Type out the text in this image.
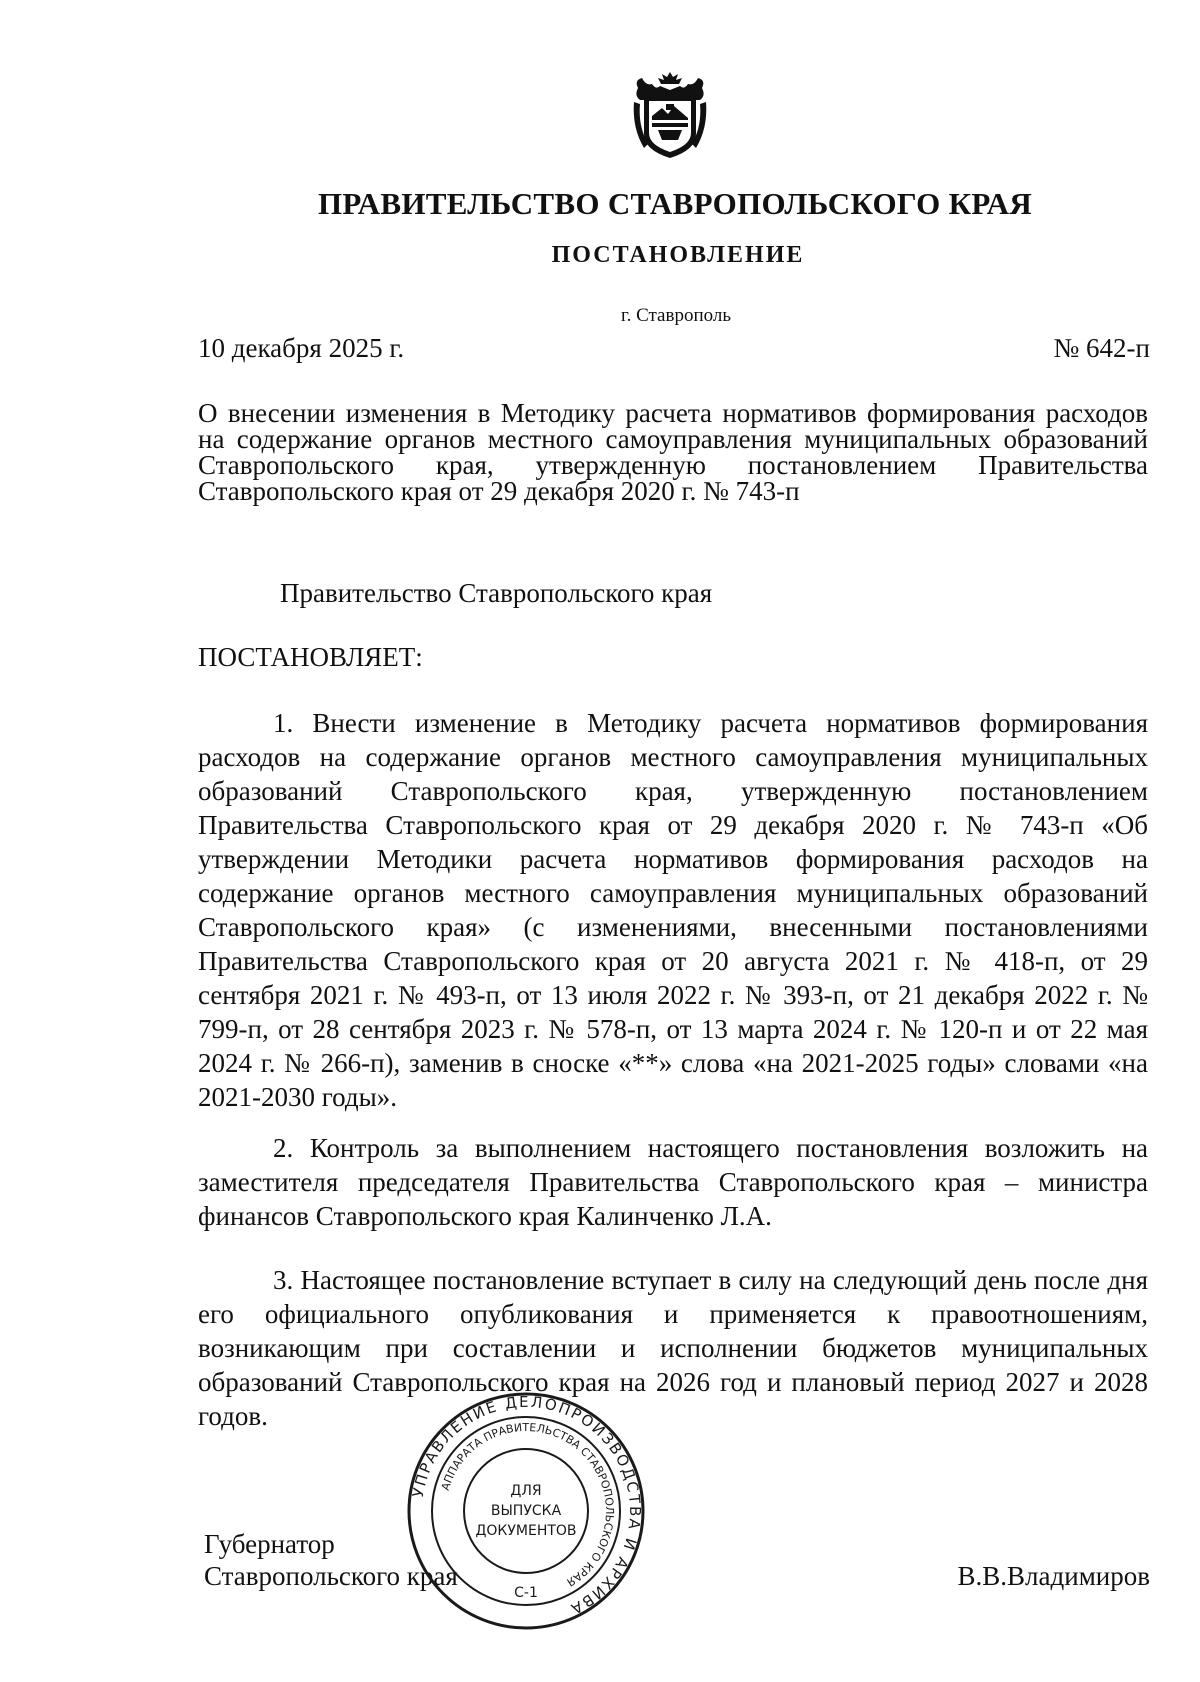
ПРАВИТЕЛЬСТВО СТАВРОПОЛЬСКОГО КРАЯ
ПОСТАНОВЛЕНИЕ
г. Ставрополь
10 декабря 2025 г.	№ 642-п

О внесении изменения в Методику расчета нормативов формирования расходов на содержание органов местного самоуправления муниципальных образований Ставропольского края, утвержденную постановлением Правительства Ставропольского края от 29 декабря 2020 г. № 743-п

Правительство Ставропольского края
ПОСТАНОВЛЯЕТ:

1. Внести изменение в Методику расчета нормативов формирования расходов на содержание органов местного самоуправления муниципальных образований Ставропольского края, утвержденную постановлением Правительства Ставропольского края от 29 декабря 2020 г. № 743-п «Об утверждении Методики расчета нормативов формирования расходов на содержание органов местного самоуправления муниципальных образований Ставропольского края» (с изменениями, внесенными постановлениями Правительства Ставропольского края от 20 августа 2021 г. № 418-п, от 29 сентября 2021 г. № 493-п, от 13 июля 2022 г. № 393-п, от 21 декабря 2022 г. № 799-п, от 28 сентября 2023 г. № 578-п, от 13 марта 2024 г. № 120-п и от 22 мая 2024 г. № 266-п), заменив в сноске «**» слова «на 2021-2025 годы» словами «на 2021-2030 годы».

2. Контроль за выполнением настоящего постановления возложить на заместителя председателя Правительства Ставропольского края – министра финансов Ставропольского края Калинченко Л.А.

3. Настоящее постановление вступает в силу на следующий день после дня его официального опубликования и применяется к правоотношениям, возникающим при составлении и исполнении бюджетов муниципальных образований Ставропольского края на 2026 год и плановый период 2027 и 2028 годов.

Губернатор
Ставропольского края	В.В.Владимиров
УПРАВЛЕНИЕ ДЕЛОПРОИЗВОДСТВА И АРХИВА
АППАРАТА ПРАВИТЕЛЬСТВА СТАВРОПОЛЬСКОГО КРАЯ
ДЛЯ
ВЫПУСКА
ДОКУМЕНТОВ
С-1
